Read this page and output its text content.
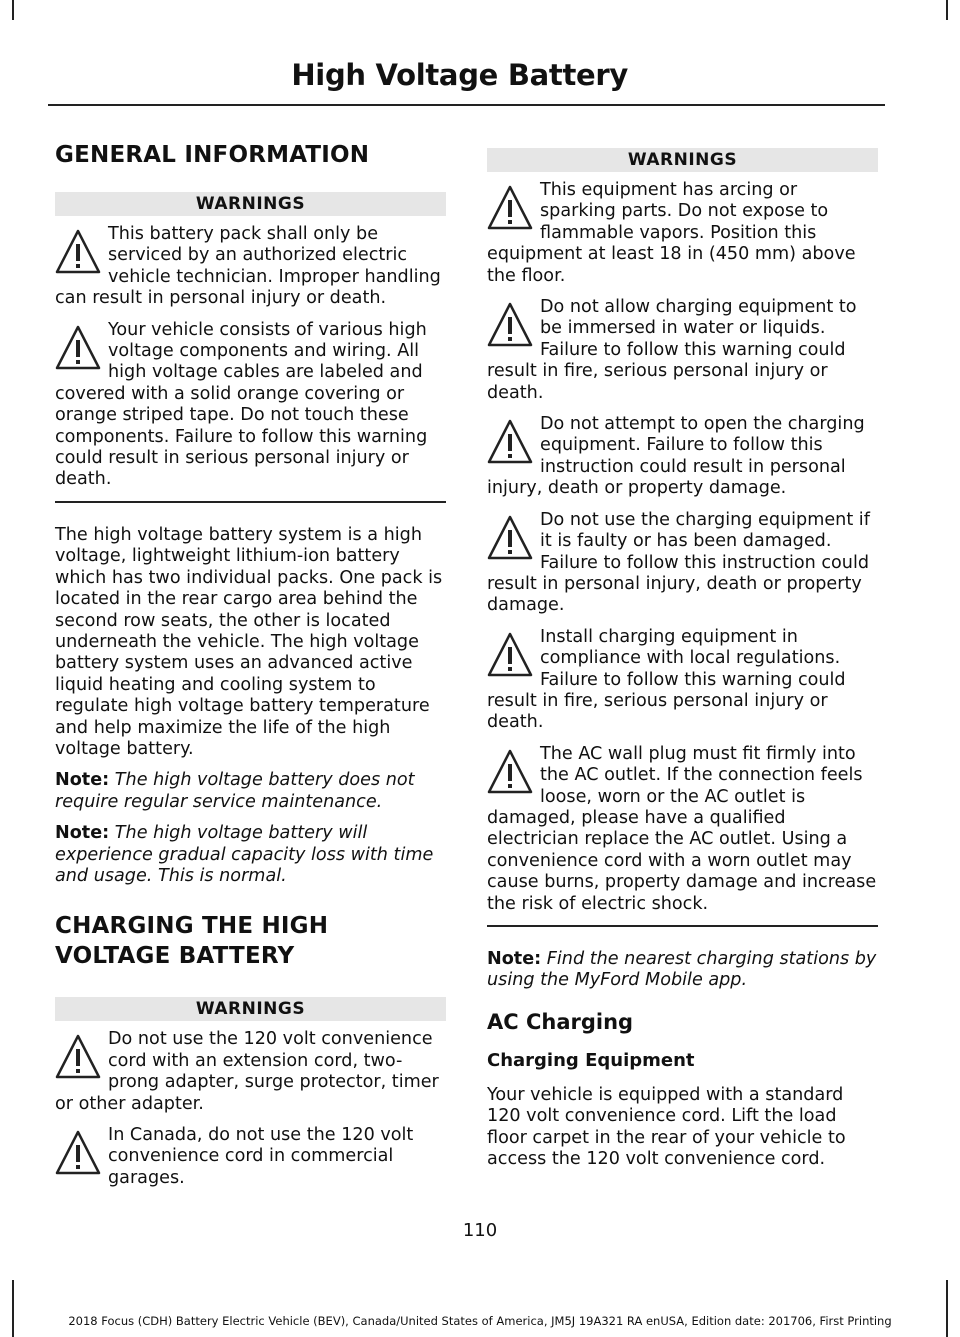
High Voltage Battery
GENERAL INFORMATION
WARNINGS
This battery pack shall only be serviced by an authorized electric vehicle technician. Improper handling can result in personal injury or death.
Your vehicle consists of various high voltage components and wiring. All high voltage cables are labeled and covered with a solid orange covering or orange striped tape. Do not touch these components. Failure to follow this warning could result in serious personal injury or death.

The high voltage battery system is a high voltage, lightweight lithium-ion battery which has two individual packs. One pack is located in the rear cargo area behind the second row seats, the other is located underneath the vehicle. The high voltage battery system uses an advanced active liquid heating and cooling system to regulate high voltage battery temperature and help maximize the life of the high voltage battery.

Note: The high voltage battery does not require regular service maintenance.

Note: The high voltage battery will experience gradual capacity loss with time and usage. This is normal.

CHARGING THE HIGH
VOLTAGE BATTERY
WARNINGS
Do not use the 120 volt convenience cord with an extension cord, two-prong adapter, surge protector, timer or other adapter.
In Canada, do not use the 120 volt convenience cord in commercial garages.
WARNINGS
This equipment has arcing or sparking parts. Do not expose to flammable vapors. Position this equipment at least 18 in (450 mm) above the floor.
Do not allow charging equipment to be immersed in water or liquids. Failure to follow this warning could result in fire, serious personal injury or death.
Do not attempt to open the charging equipment. Failure to follow this instruction could result in personal injury, death or property damage.
Do not use the charging equipment if it is faulty or has been damaged. Failure to follow this instruction could result in personal injury, death or property damage.
Install charging equipment in compliance with local regulations. Failure to follow this warning could result in fire, serious personal injury or death.
The AC wall plug must fit firmly into the AC outlet. If the connection feels loose, worn or the AC outlet is damaged, please have a qualified electrician replace the AC outlet. Using a convenience cord with a worn outlet may cause burns, property damage and increase the risk of electric shock.

Note: Find the nearest charging stations by using the MyFord Mobile app.

AC Charging
Charging Equipment

Your vehicle is equipped with a standard 120 volt convenience cord. Lift the load floor carpet in the rear of your vehicle to access the 120 volt convenience cord.

110
2018 Focus (CDH) Battery Electric Vehicle (BEV), Canada/United States of America, JM5J 19A321 RA enUSA, Edition date: 201706, First Printing
